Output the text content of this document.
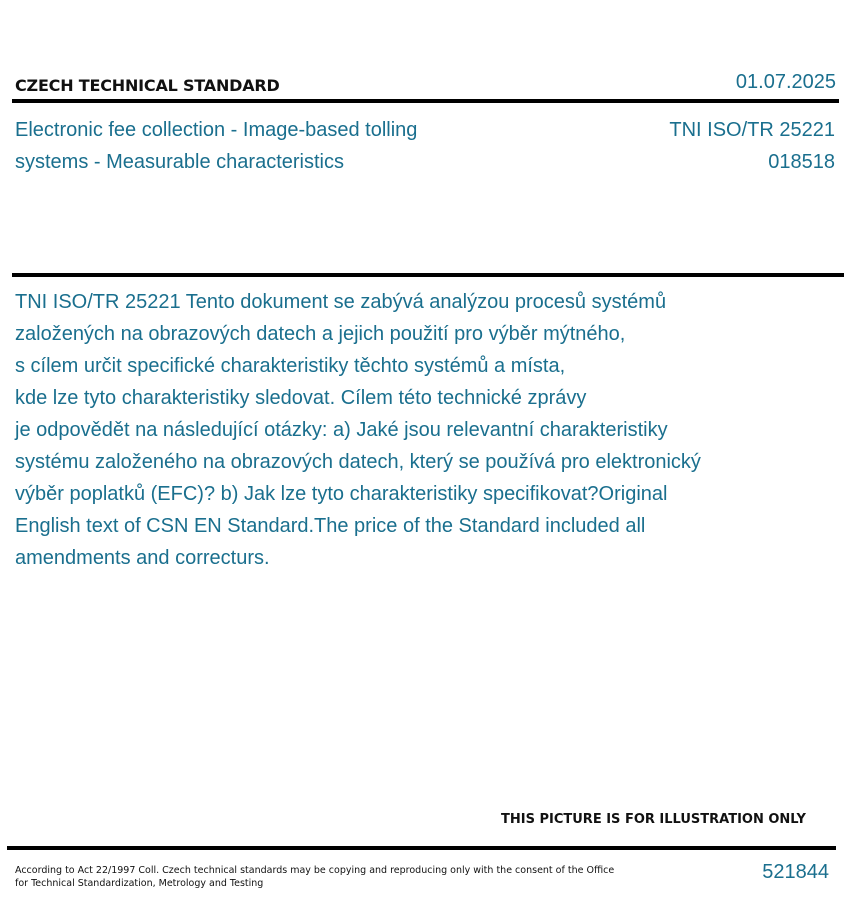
CZECH TECHNICAL STANDARD	01.07.2025
Electronic fee collection - Image-based tolling
systems - Measurable characteristics
TNI ISO/TR 25221
018518
TNI ISO/TR 25221 Tento dokument se zabývá analýzou procesů systémů
založených na obrazových datech a jejich použití pro výběr mýtného,
s cílem určit specifické charakteristiky těchto systémů a místa,
kde lze tyto charakteristiky sledovat. Cílem této technické zprávy
je odpovědět na následující otázky: a) Jaké jsou relevantní charakteristiky
systému založeného na obrazových datech, který se používá pro elektronický
výběr poplatků (EFC)? b) Jak lze tyto charakteristiky specifikovat?Original
English text of CSN EN Standard.The price of the Standard included all
amendments and correcturs.
THIS PICTURE IS FOR ILLUSTRATION ONLY
According to Act 22/1997 Coll. Czech technical standards may be copying and reproducing only with the consent of the Office
for Technical Standardization, Metrology and Testing
521844
